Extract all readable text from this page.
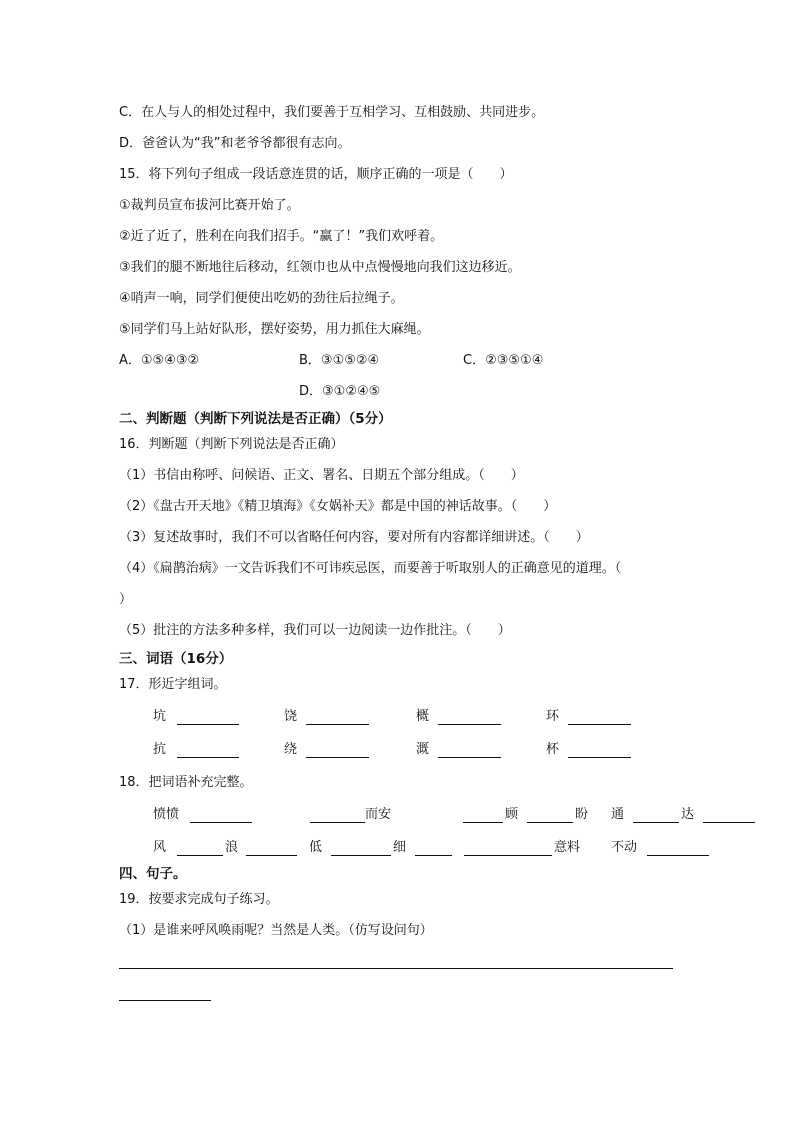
C．在人与人的相处过程中，我们要善于互相学习、互相鼓励、共同进步。
D．爸爸认为“我”和老爷爷都很有志向。
15．将下列句子组成一段话意连贯的话，顺序正确的一项是（　　）
①裁判员宣布拔河比赛开始了。
②近了近了，胜利在向我们招手。“赢了！”我们欢呼着。
③我们的腿不断地往后移动，红领巾也从中点慢慢地向我们这边移近。
④哨声一响，同学们便使出吃奶的劲往后拉绳子。
⑤同学们马上站好队形，摆好姿势，用力抓住大麻绳。
A．①⑤④③②	B．③①⑤②④	C．②③⑤①④
D．③①②④⑤
二、判断题（判断下列说法是否正确）（5分）
16．判断题（判断下列说法是否正确）
（1）书信由称呼、问候语、正文、署名、日期五个部分组成。（　　）
（2）《盘古开天地》《精卫填海》《女娲补天》都是中国的神话故事。（　　）
（3）复述故事时，我们不可以省略任何内容，要对所有内容都详细讲述。（　　）
（4）《扁鹊治病》一文告诉我们不可讳疾忌医，而要善于听取别人的正确意见的道理。（
）
（5）批注的方法多种多样，我们可以一边阅读一边作批注。（　　）
三、词语（16分）
17．形近字组词。
坑	饶	概	环
抗	绕	溉	杯
18．把词语补充完整。
愤愤	而安	顾	盼 通	达
风	浪	低	细	意料 不动
四、句子。
19．按要求完成句子练习。
（1）是谁来呼风唤雨呢？当然是人类。（仿写设问句）
